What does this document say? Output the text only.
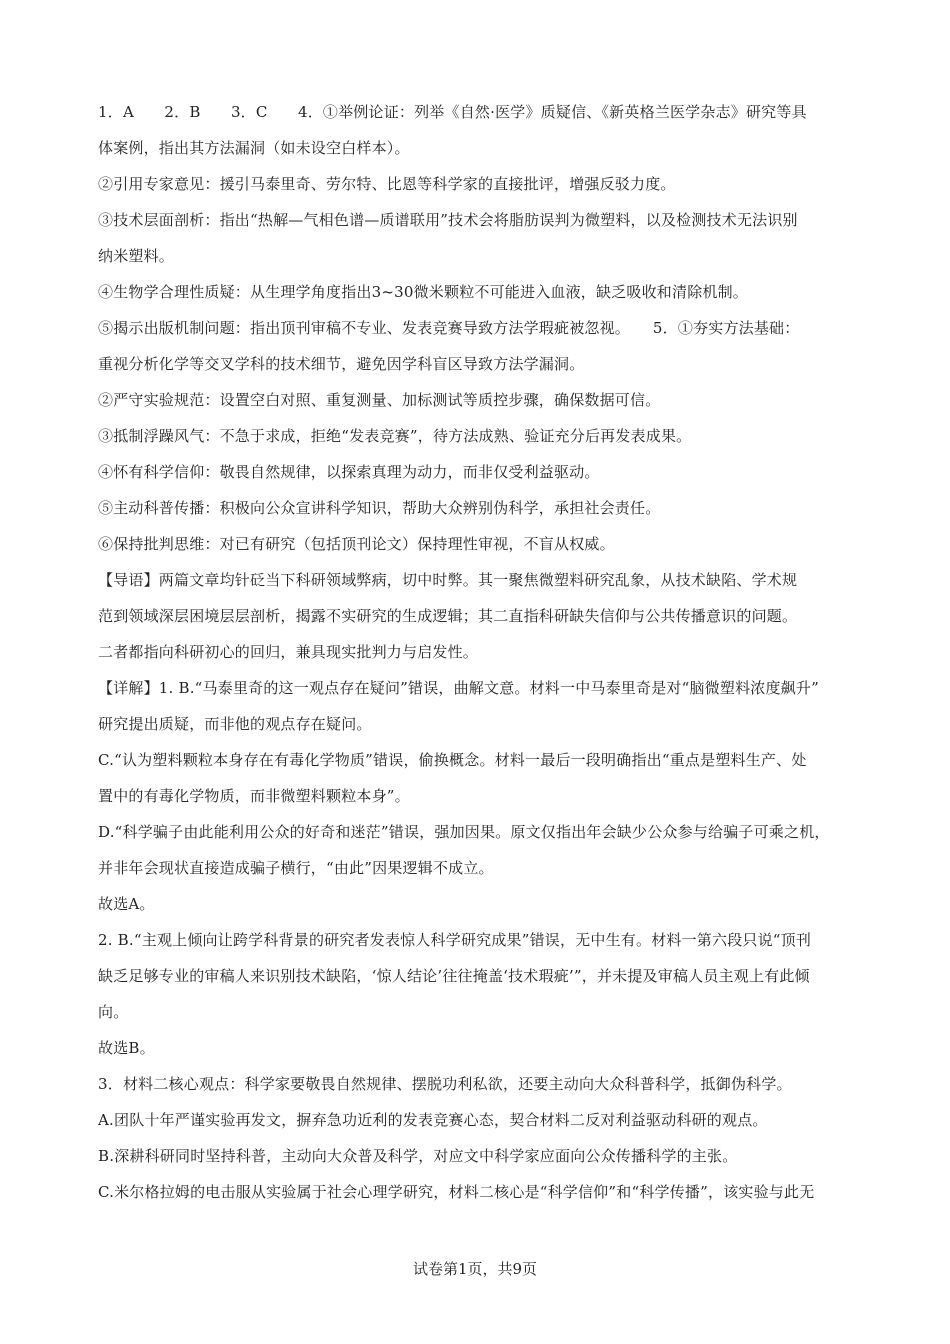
1．A　　2．B　　3．C　　4．①举例论证：列举《自然·医学》质疑信、《新英格兰医学杂志》研究等具
体案例，指出其方法漏洞（如未设空白样本）。
②引用专家意见：援引马泰里奇、劳尔特、比恩等科学家的直接批评，增强反驳力度。
③技术层面剖析：指出“热解—气相色谱—质谱联用”技术会将脂肪误判为微塑料，以及检测技术无法识别
纳米塑料。
④生物学合理性质疑：从生理学角度指出3~30微米颗粒不可能进入血液，缺乏吸收和清除机制。
⑤揭示出版机制问题：指出顶刊审稿不专业、发表竞赛导致方法学瑕疵被忽视。　　5．①夯实方法基础：
重视分析化学等交叉学科的技术细节，避免因学科盲区导致方法学漏洞。
②严守实验规范：设置空白对照、重复测量、加标测试等质控步骤，确保数据可信。
③抵制浮躁风气：不急于求成，拒绝“发表竞赛”，待方法成熟、验证充分后再发表成果。
④怀有科学信仰：敬畏自然规律，以探索真理为动力，而非仅受利益驱动。
⑤主动科普传播：积极向公众宣讲科学知识，帮助大众辨别伪科学，承担社会责任。
⑥保持批判思维：对已有研究（包括顶刊论文）保持理性审视，不盲从权威。
【导语】两篇文章均针砭当下科研领域弊病，切中时弊。其一聚焦微塑料研究乱象，从技术缺陷、学术规
范到领域深层困境层层剖析，揭露不实研究的生成逻辑；其二直指科研缺失信仰与公共传播意识的问题。
二者都指向科研初心的回归，兼具现实批判力与启发性。
【详解】1. B.“马泰里奇的这一观点存在疑问”错误，曲解文意。材料一中马泰里奇是对“脑微塑料浓度飙升”
研究提出质疑，而非他的观点存在疑问。
C.“认为塑料颗粒本身存在有毒化学物质”错误，偷换概念。材料一最后一段明确指出“重点是塑料生产、处
置中的有毒化学物质，而非微塑料颗粒本身”。
D.“科学骗子由此能利用公众的好奇和迷茫”错误，强加因果。原文仅指出年会缺少公众参与给骗子可乘之机，
并非年会现状直接造成骗子横行，“由此”因果逻辑不成立。
故选A。
2. B.“主观上倾向让跨学科背景的研究者发表惊人科学研究成果”错误，无中生有。材料一第六段只说“顶刊
缺乏足够专业的审稿人来识别技术缺陷，‘惊人结论’往往掩盖‘技术瑕疵’”，并未提及审稿人员主观上有此倾
向。
故选B。
3．材料二核心观点：科学家要敬畏自然规律、摆脱功利私欲，还要主动向大众科普科学，抵御伪科学。
A.团队十年严谨实验再发文，摒弃急功近利的发表竞赛心态，契合材料二反对利益驱动科研的观点。
B.深耕科研同时坚持科普，主动向大众普及科学，对应文中科学家应面向公众传播科学的主张。
C.米尔格拉姆的电击服从实验属于社会心理学研究，材料二核心是“科学信仰”和“科学传播”，该实验与此无
试卷第1页，共9页
